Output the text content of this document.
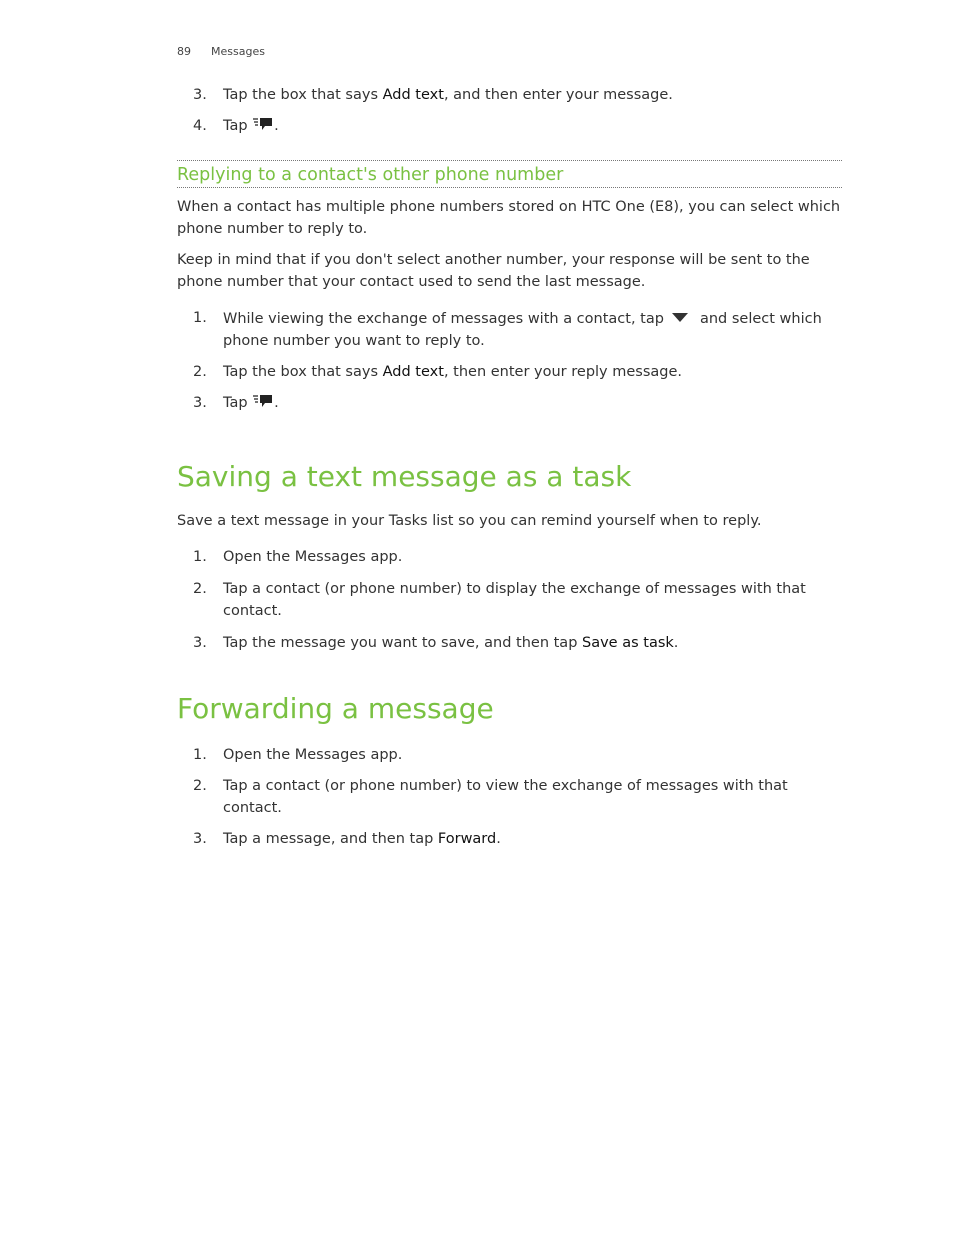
89 Messages
3. Tap the box that says Add text, and then enter your message.
4. Tap .
Replying to a contact's other phone number
When a contact has multiple phone numbers stored on HTC One (E8), you can select which phone number to reply to.
Keep in mind that if you don't select another number, your response will be sent to the phone number that your contact used to send the last message.
1. While viewing the exchange of messages with a contact, tap and select which phone number you want to reply to.
2. Tap the box that says Add text, then enter your reply message.
3. Tap .
Saving a text message as a task
Save a text message in your Tasks list so you can remind yourself when to reply.
1. Open the Messages app.
2. Tap a contact (or phone number) to display the exchange of messages with that contact.
3. Tap the message you want to save, and then tap Save as task.
Forwarding a message
1. Open the Messages app.
2. Tap a contact (or phone number) to view the exchange of messages with that contact.
3. Tap a message, and then tap Forward.
